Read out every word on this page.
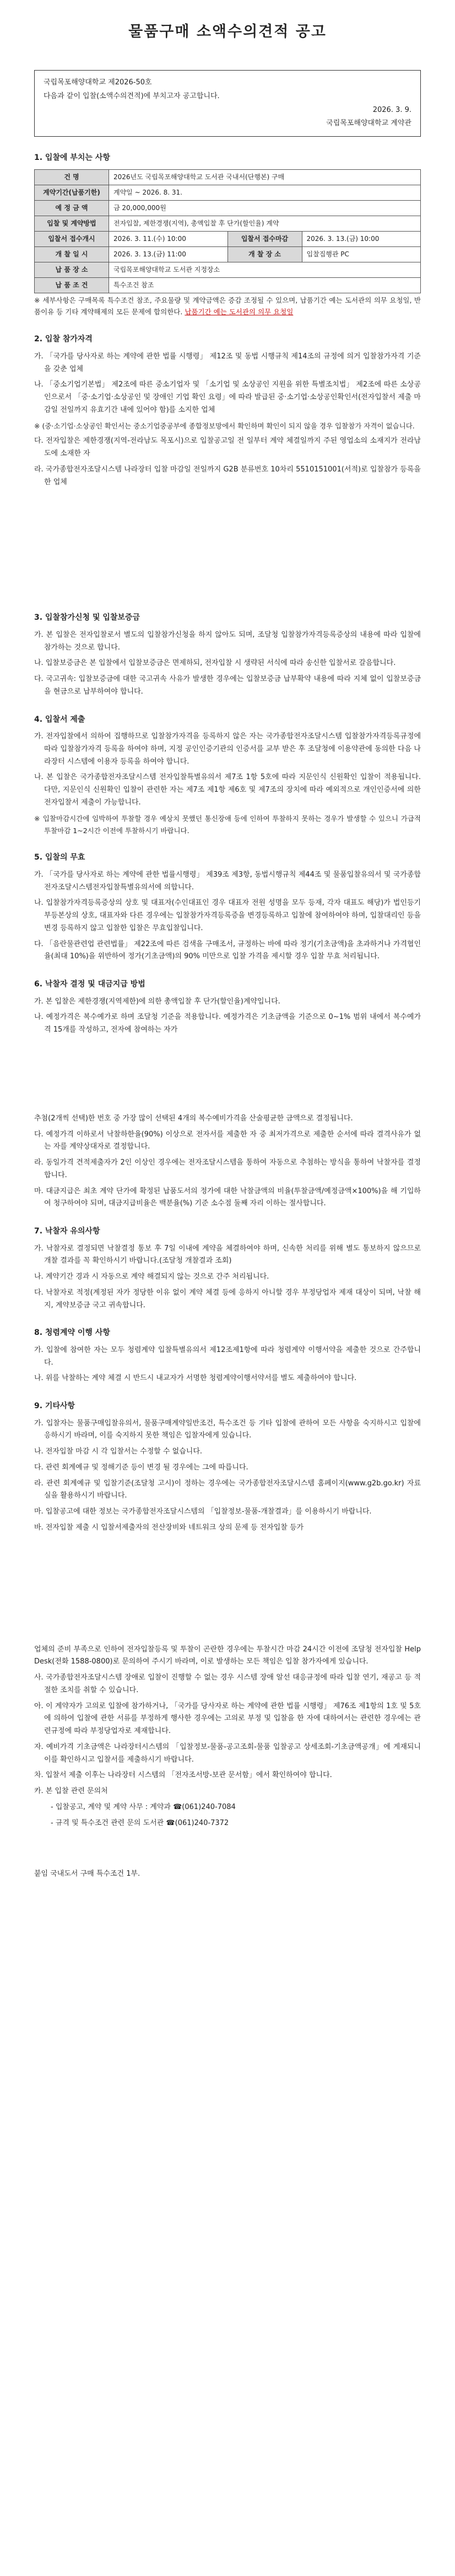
물품구매 소액수의견적 공고
국립목포해양대학교 제2026-50호
다음과 같이 입찰(소액수의견적)에 부치고자 공고합니다.
2026. 3. 9.
국립목포해양대학교 계약관
1. 입찰에 부치는 사항
건 명	2026년도 국립목포해양대학교 도서관 국내서(단행본) 구매		
계약기간(납품기한)	계약일 ~ 2026. 8. 31.		
예 정 금 액	금 20,000,000원		
입찰 및 계약방법	전자입찰, 제한경쟁(지역), 총액입찰 후 단가(할인율) 계약		
입찰서 접수개시	2026. 3. 11.(수) 10:00	입찰서 접수마감	2026. 3. 13.(금) 10:00
개 찰 일 시	2026. 3. 13.(금) 11:00	개 찰 장 소	입찰집행관 PC
납 품 장 소	국립목포해양대학교 도서관 지정장소		
납 품 조 건	특수조건 참조		

※ 세부사항은 구매목록 특수조건 참조, 주요물량 및 계약금액은 증감 조정될 수 있으며, 납품기간 예는 도서관의 의무 요청일, 반품이유 등 기타 계약해제의 모든 문제에 합의한다. 납품기간 예는 도서관의 의무 요청일

2. 입찰 참가자격

가. 「국가를 당사자로 하는 계약에 관한 법률 시행령」 제12조 및 동법 시행규칙 제14조의 규정에 의거 입찰참가자격 기준을 갖춘 업체

나. 「중소기업기본법」 제2조에 따른 중소기업자 및 「소기업 및 소상공인 지원을 위한 특별조치법」 제2조에 따른 소상공인으로서 「중·소기업·소상공인 및 장애인 기업 확인 요령」에 따라 발급된 중·소기업·소상공인확인서(전자입찰서 제출 마감일 전일까지 유효기간 내에 있어야 함)를 소지한 업체

※ (중·소기업·소상공인 확인서는 중소기업중공부에 종합정보망에서 확인하며 확인이 되지 않을 경우 입찰참가 자격이 없습니다.

다. 전자입찰은 제한경쟁(지역-전라남도 목포시)으로 입찰공고일 전 일부터 계약 체결일까지 주된 영업소의 소재지가 전라남도에 소재한 자

라. 국가종합전자조달시스템 나라장터 입찰 마감일 전일까지 G2B 분류번호 10차리 5510151001(서적)로 입찰참가 등록을 한 업체

3. 입찰참가신청 및 입찰보증금

가. 본 입찰은 전자입찰로서 별도의 입찰참가신청을 하지 않아도 되며, 조달청 입찰참가자격등록증상의 내용에 따라 입찰에 참가하는 것으로 합니다.

나. 입찰보증금은 본 입찰에서 입찰보증금은 면제하되, 전자입찰 시 생략된 서식에 따라 송신한 입찰서로 갈음합니다.

다. 국고귀속: 입찰보증금에 대한 국고귀속 사유가 발생한 경우에는 입찰보증금 납부확약 내용에 따라 지체 없이 입찰보증금을 현금으로 납부하여야 합니다.

4. 입찰서 제출

가. 전자입찰에서 의하여 집행하므로 입찰참가자격을 등록하지 않은 자는 국가종합전자조달시스템 입찰참가자격등록규정에 따라 입찰참가자격 등록을 하여야 하며, 지정 공인인증기관의 인증서를 교부 받은 후 조달청에 이용약관에 동의한 다음 나라장터 시스템에 이용자 등록을 하여야 합니다.

나. 본 입찰은 국가종합전자조달시스템 전자입찰특별유의서 제7조 1항 5호에 따라 지문인식 신원확인 입찰이 적용됩니다. 다만, 지문인식 신원확인 입찰이 관련한 자는 제7조 제1항 제6호 및 제7조의 장치에 따라 예외적으로 개인인증서에 의한 전자입찰서 제출이 가능합니다.

※ 입찰마감시간에 임박하여 투찰할 경우 예상치 못했던 통신장애 등에 인하여 투찰하지 못하는 경우가 발생할 수 있으니 가급적 투찰마감 1~2시간 이전에 투찰하시기 바랍니다.

5. 입찰의 무효

가. 「국가를 당사자로 하는 계약에 관한 법률시행령」 제39조 제3항, 동법시행규칙 제44조 및 물품입찰유의서 및 국가종합전자조달시스템전자입찰특별유의서에 의합니다.

나. 입찰참가자격등록증상의 상호 및 대표자(수인대표인 경우 대표자 전원 성명을 모두 등재, 각자 대표도 해당)가 법인등기부등본상의 상호, 대표자와 다른 경우에는 입찰참가자격등록증을 변경등록하고 입찰에 참여하여야 하며, 입찰대리인 등을 변경 등록하지 않고 입찰한 입찰은 무효입찰입니다.

다. 「음란물관련업 관련법률」 제22조에 따른 검색을 구매조서, 규정하는 바에 따라 정기(기초금액)을 초과하거나 가격협인율(최대 10%)을 위반하여 정가(기초금액)의 90% 미만으로 입찰 가격을 제시할 경우 입찰 무효 처리됩니다.

6. 낙찰자 결정 및 대금지급 방법

가. 본 입찰은 제한경쟁(지역제한)에 의한 총액입찰 후 단가(할인율)계약입니다.

나. 예정가격은 복수예가로 하며 조달청 기준을 적용합니다. 예정가격은 기초금액을 기준으로 0~1% 범위 내에서 복수예가격 15개를 작성하고, 전자에 참여하는 자가

추첨(2개씩 선택)한 번호 중 가장 많이 선택된 4개의 복수예비가격을 산술평균한 금액으로 결정됩니다.

다. 예정가격 이하로서 낙찰하한율(90%) 이상으로 전자서를 제출한 자 중 최저가격으로 제출한 순서에 따라 결격사유가 없는 자를 계약상대자로 결정합니다.

라. 동일가격 견적제출자가 2인 이상인 경우에는 전자조달시스템을 통하여 자동으로 추첨하는 방식을 통하여 낙찰자를 결정합니다.

마. 대금지급은 최초 계약 단가에 확정된 납품도서의 정가에 대한 낙찰금액의 비율(투찰금액/예정금액×100%)을 해 기입하여 청구하여야 되며, 대금지급비율은 백분율(%) 기준 소수점 둘째 자리 이하는 절사합니다.

7. 낙찰자 유의사항

가. 낙찰자로 결정되면 낙찰결정 통보 후 7일 이내에 계약을 체결하여야 하며, 신속한 처리를 위해 별도 통보하지 않으므로 개찰 결과를 꼭 확인하시기 바랍니다.(조달청 개찰결과 조회)

나. 계약기간 경과 시 자동으로 계약 해결되지 않는 것으로 간주 처리됩니다.

다. 낙찰자로 적정(계정된 자가 정당한 이유 없이 계약 체결 등에 응하지 아니할 경우 부정당업자 제재 대상이 되며, 낙찰 해지, 계약보증금 국고 귀속합니다.

8. 청렴계약 이행 사항

가. 입찰에 참여한 자는 모두 청렴계약 입찰특별유의서 제12조제1항에 따라 청렴계약 이행서약을 제출한 것으로 간주합니다.

나. 위를 낙찰하는 계약 체결 시 반드시 내교자가 서명한 청렴계약이행서약서를 별도 제출하여야 합니다.

9. 기타사항

가. 입찰자는 물품구매입찰유의서, 물품구매계약일반조건, 특수조건 등 기타 입찰에 관하여 모든 사항을 숙지하시고 입찰에 응하시기 바라며, 이를 숙지하지 못한 책임은 입찰자에게 있습니다.

나. 전자입찰 마감 시 각 입찰서는 수정할 수 없습니다.

다. 관련 회계예규 및 정해기준 등이 변경 될 경우에는 그에 따릅니다.

라. 관련 회계예규 및 입찰기준(조달청 고시)이 정하는 경우에는 국가종합전자조달시스템 홈페이지(www.g2b.go.kr) 자료실을 활용하시기 바랍니다.

마. 입찰공고에 대한 정보는 국가종합전자조달시스템의 「입찰정보-물품-개찰결과」를 이용하시기 바랍니다.

바. 전자입찰 제출 시 입찰서제출자의 전산장비와 네트워크 상의 문제 등 전자입찰 등가

업체의 준비 부족으로 인하여 전자입찰등록 및 투찰이 곤란한 경우에는 투찰시간 마감 24시간 이전에 조달청 전자입찰 Help Desk(전화 1588-0800)로 문의하여 주시기 바라며, 이로 발생하는 모든 책임은 입찰 참가자에게 있습니다.

사. 국가종합전자조달시스템 장애로 입찰이 진행할 수 없는 경우 시스템 장애 알선 대응규정에 따라 입찰 연기, 재공고 등 적절한 조치를 취할 수 있습니다.

아. 이 계약자가 고의로 입찰에 참가하거나, 「국가를 당사자로 하는 계약에 관한 법률 시행령」 제76조 제1항의 1호 및 5호에 의하여 입찰에 관한 서류를 부정하게 행사한 경우에는 고의로 부정 및 입찰을 한 자에 대하여서는 관련한 경우에는 관련규정에 따라 부정당업자로 제재합니다.

자. 예비가격 기초금액은 나라장터시스템의 「입찰정보-물품-공고조회-물품 입찰공고 상세조회-기초금액공개」에 게재되니 이를 확인하시고 입찰서를 제출하시기 바랍니다.

차. 입찰서 제출 이후는 나라장터 시스템의 「전자조서방-보관 문서함」에서 확인하여야 합니다.

카. 본 입찰 관련 문의처

- 입찰공고, 계약 및 계약 사무 : 계약과 ☎(061)240-7084

- 규격 및 특수조건 관련 문의 도서관 ☎(061)240-7372

붙임 국내도서 구매 특수조건 1부.
